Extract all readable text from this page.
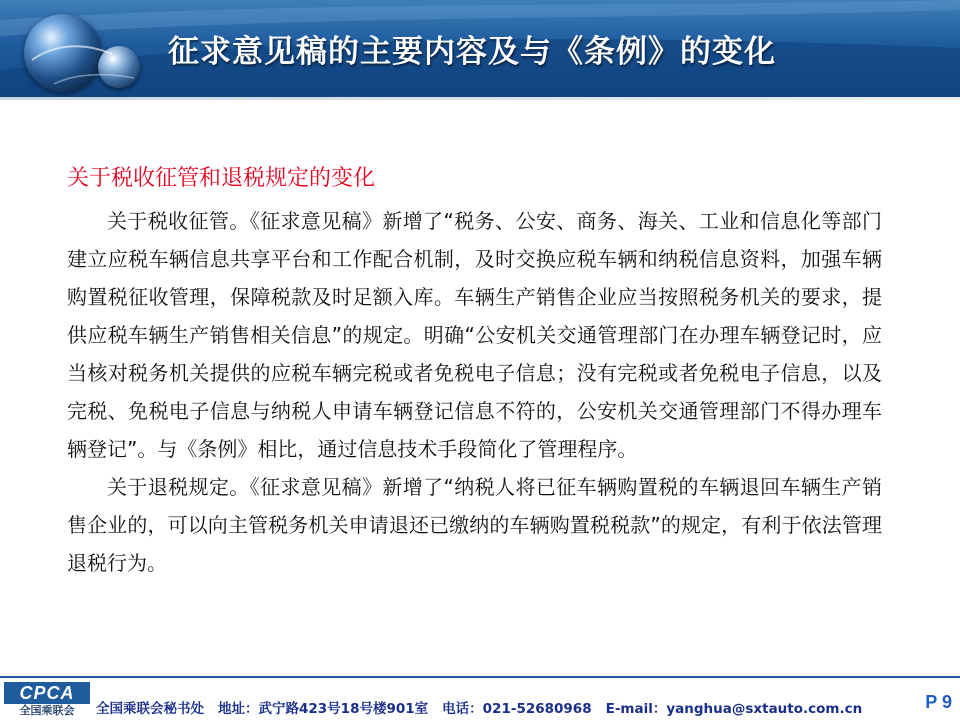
征求意见稿的主要内容及与《条例》的变化
关于税收征管和退税规定的变化

关于税收征管。《征求意见稿》新增了“税务、公安、商务、海关、工业和信息化等部门建立应税车辆信息共享平台和工作配合机制，及时交换应税车辆和纳税信息资料，加强车辆购置税征收管理，保障税款及时足额入库。车辆生产销售企业应当按照税务机关的要求，提供应税车辆生产销售相关信息”的规定。明确“公安机关交通管理部门在办理车辆登记时，应当核对税务机关提供的应税车辆完税或者免税电子信息；没有完税或者免税电子信息，以及完税、免税电子信息与纳税人申请车辆登记信息不符的，公安机关交通管理部门不得办理车辆登记”。与《条例》相比，通过信息技术手段简化了管理程序。

关于退税规定。《征求意见稿》新增了“纳税人将已征车辆购置税的车辆退回车辆生产销售企业的，可以向主管税务机关申请退还已缴纳的车辆购置税税款”的规定，有利于依法管理退税行为。

CPCA
全国乘联会	全国乘联会秘书处 地址：武宁路423号18号楼901室 电话：021-52680968 E-mail：yanghua@sxtauto.com.cn	P 9
